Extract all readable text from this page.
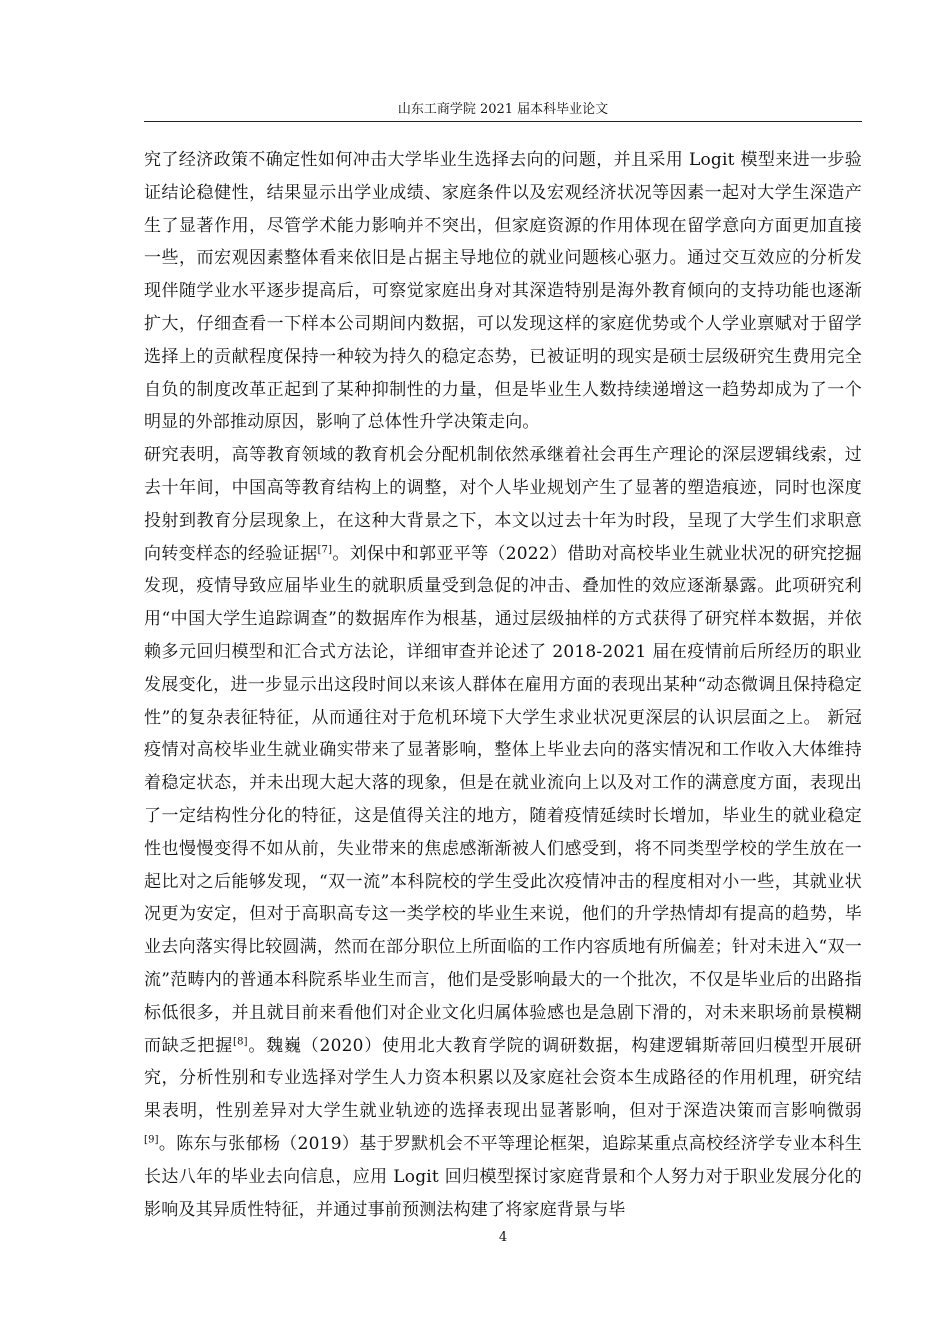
山东工商学院 2021 届本科毕业论文

究了经济政策不确定性如何冲击大学毕业生选择去向的问题，并且采用 Logit 模型来进一步验证结论稳健性，结果显示出学业成绩、家庭条件以及宏观经济状况等因素一起对大学生深造产生了显著作用，尽管学术能力影响并不突出，但家庭资源的作用体现在留学意向方面更加直接一些，而宏观因素整体看来依旧是占据主导地位的就业问题核心驱力。通过交互效应的分析发现伴随学业水平逐步提高后，可察觉家庭出身对其深造特别是海外教育倾向的支持功能也逐渐扩大，仔细查看一下样本公司期间内数据，可以发现这样的家庭优势或个人学业禀赋对于留学选择上的贡献程度保持一种较为持久的稳定态势，已被证明的现实是硕士层级研究生费用完全自负的制度改革正起到了某种抑制性的力量，但是毕业生人数持续递增这一趋势却成为了一个明显的外部推动原因，影响了总体性升学决策走向。

研究表明，高等教育领域的教育机会分配机制依然承继着社会再生产理论的深层逻辑线索，过去十年间，中国高等教育结构上的调整，对个人毕业规划产生了显著的塑造痕迹，同时也深度投射到教育分层现象上，在这种大背景之下，本文以过去十年为时段，呈现了大学生们求职意向转变样态的经验证据[7]。刘保中和郭亚平等（2022）借助对高校毕业生就业状况的研究挖掘发现，疫情导致应届毕业生的就职质量受到急促的冲击、叠加性的效应逐渐暴露。此项研究利用“中国大学生追踪调查”的数据库作为根基，通过层级抽样的方式获得了研究样本数据，并依赖多元回归模型和汇合式方法论，详细审查并论述了 2018-2021 届在疫情前后所经历的职业发展变化，进一步显示出这段时间以来该人群体在雇用方面的表现出某种“动态微调且保持稳定性”的复杂表征特征，从而通往对于危机环境下大学生求业状况更深层的认识层面之上。 新冠疫情对高校毕业生就业确实带来了显著影响，整体上毕业去向的落实情况和工作收入大体维持着稳定状态，并未出现大起大落的现象，但是在就业流向上以及对工作的满意度方面，表现出了一定结构性分化的特征，这是值得关注的地方，随着疫情延续时长增加，毕业生的就业稳定性也慢慢变得不如从前，失业带来的焦虑感渐渐被人们感受到，将不同类型学校的学生放在一起比对之后能够发现，“双一流”本科院校的学生受此次疫情冲击的程度相对小一些，其就业状况更为安定，但对于高职高专这一类学校的毕业生来说，他们的升学热情却有提高的趋势，毕业去向落实得比较圆满，然而在部分职位上所面临的工作内容质地有所偏差；针对未进入“双一流”范畴内的普通本科院系毕业生而言，他们是受影响最大的一个批次，不仅是毕业后的出路指标低很多，并且就目前来看他们对企业文化归属体验感也是急剧下滑的，对未来职场前景模糊而缺乏把握[8]。魏巍（2020）使用北大教育学院的调研数据，构建逻辑斯蒂回归模型开展研究，分析性别和专业选择对学生人力资本积累以及家庭社会资本生成路径的作用机理，研究结果表明，性别差异对大学生就业轨迹的选择表现出显著影响，但对于深造决策而言影响微弱[9]。陈东与张郁杨（2019）基于罗默机会不平等理论框架，追踪某重点高校经济学专业本科生长达八年的毕业去向信息，应用 Logit 回归模型探讨家庭背景和个人努力对于职业发展分化的影响及其异质性特征，并通过事前预测法构建了将家庭背景与毕

4
